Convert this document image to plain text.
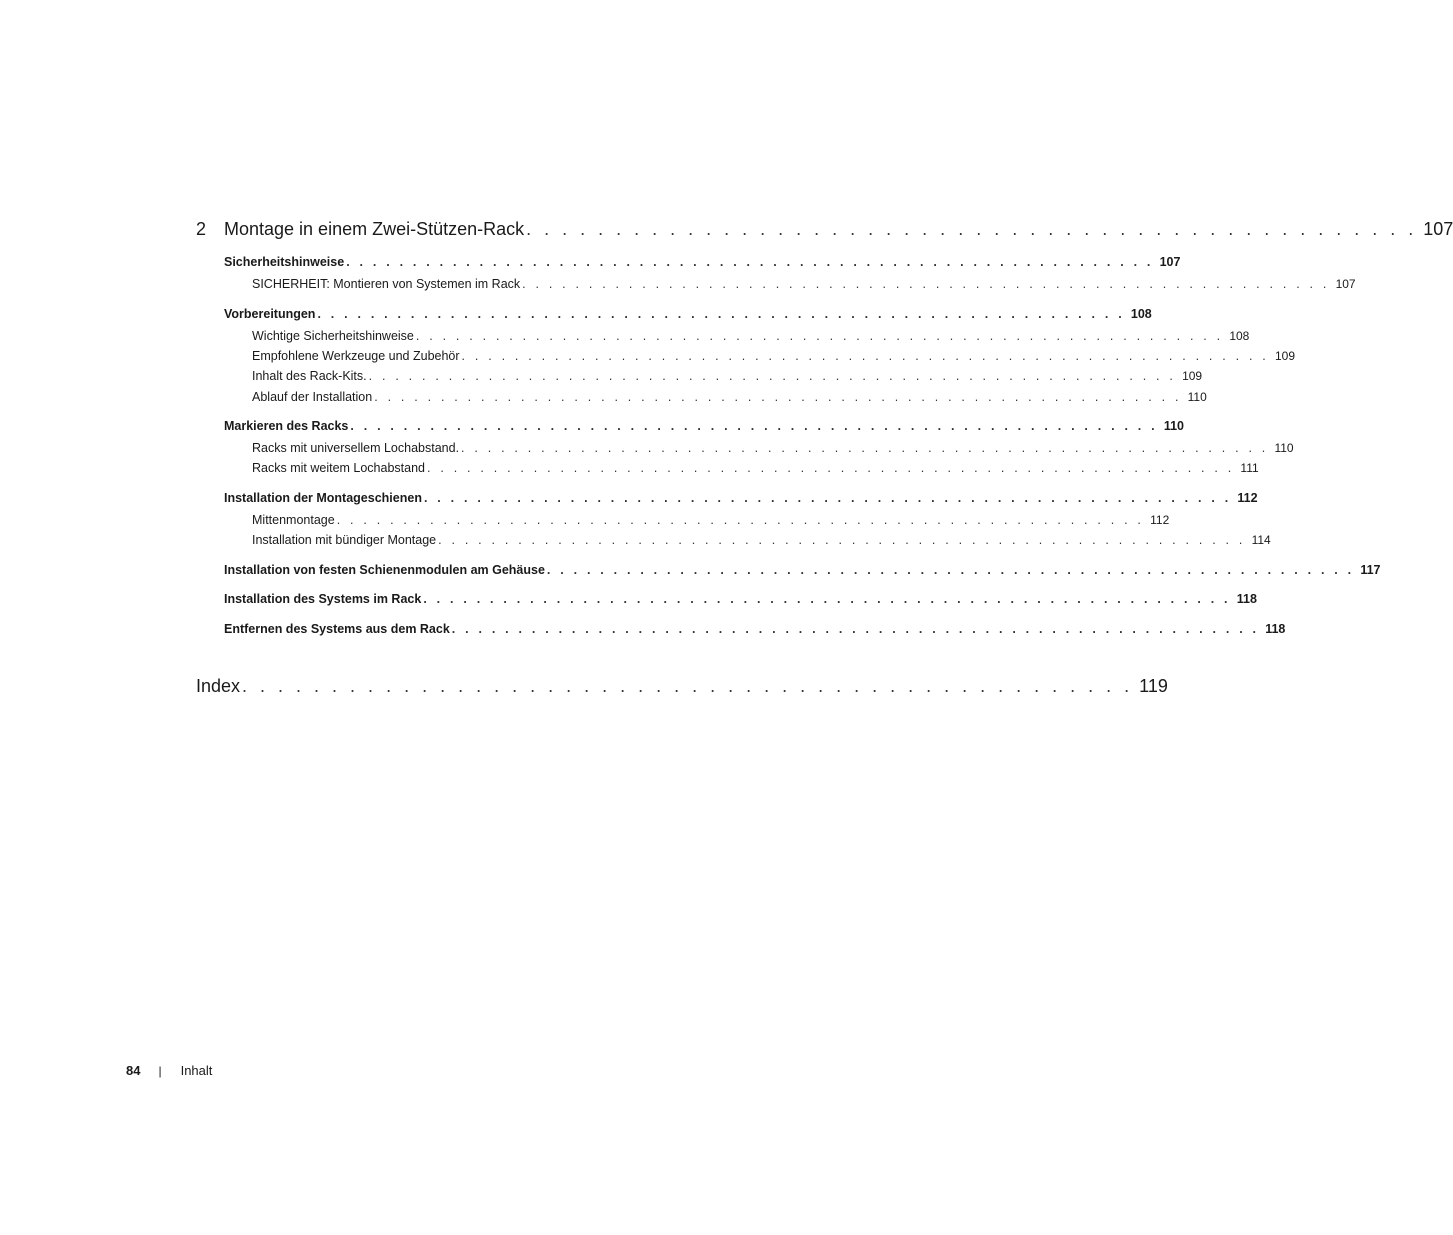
2 Montage in einem Zwei-Stützen-Rack . . . . . . . . . . . . . . . . . . . . . . . . . . . . . . . . . . . . . . . . . . . . . . . . . . 107
Sicherheitshinweise . . . . . . . . . . . . . . . . . . . . . . . . . . . . . . . . . . . . . . . . . . . . . . . . . . . . . . . . . . . . . 107
SICHERHEIT: Montieren von Systemen im Rack . . . . . . . . . . . . . . . . . . . . . . . . . . . . . . . . . . . . . . . . . . . . . . . . . . . . . . . . . . . . . 107
Vorbereitungen . . . . . . . . . . . . . . . . . . . . . . . . . . . . . . . . . . . . . . . . . . . . . . . . . . . . . . . . . . . . . 108
Wichtige Sicherheitshinweise . . . . . . . . . . . . . . . . . . . . . . . . . . . . . . . . . . . . . . . . . . . . . . . . . . . . . . . . . . . . . 108
Empfohlene Werkzeuge und Zubehör . . . . . . . . . . . . . . . . . . . . . . . . . . . . . . . . . . . . . . . . . . . . . . . . . . . . . . . . . . . . . 109
Inhalt des Rack-Kits. . . . . . . . . . . . . . . . . . . . . . . . . . . . . . . . . . . . . . . . . . . . . . . . . . . . . . . . . . . . . . 109
Ablauf der Installation . . . . . . . . . . . . . . . . . . . . . . . . . . . . . . . . . . . . . . . . . . . . . . . . . . . . . . . . . . . . . 110
Markieren des Racks . . . . . . . . . . . . . . . . . . . . . . . . . . . . . . . . . . . . . . . . . . . . . . . . . . . . . . . . . . . . . 110
Racks mit universellem Lochabstand. . . . . . . . . . . . . . . . . . . . . . . . . . . . . . . . . . . . . . . . . . . . . . . . . . . . . . . . . . . . . . 110
Racks mit weitem Lochabstand . . . . . . . . . . . . . . . . . . . . . . . . . . . . . . . . . . . . . . . . . . . . . . . . . . . . . . . . . . . . . 111
Installation der Montageschienen . . . . . . . . . . . . . . . . . . . . . . . . . . . . . . . . . . . . . . . . . . . . . . . . . . . . . . . . . . . . . 112
Mittenmontage . . . . . . . . . . . . . . . . . . . . . . . . . . . . . . . . . . . . . . . . . . . . . . . . . . . . . . . . . . . . . 112
Installation mit bündiger Montage . . . . . . . . . . . . . . . . . . . . . . . . . . . . . . . . . . . . . . . . . . . . . . . . . . . . . . . . . . . . . 114
Installation von festen Schienenmodulen am Gehäuse . . . . . . . . . . . . . . . . . . . . . . . . . . . . . . . . . . . . . . . . . . . . . . . . . . . . . . . . . . . . . 117
Installation des Systems im Rack . . . . . . . . . . . . . . . . . . . . . . . . . . . . . . . . . . . . . . . . . . . . . . . . . . . . . . . . . . . . . 118
Entfernen des Systems aus dem Rack . . . . . . . . . . . . . . . . . . . . . . . . . . . . . . . . . . . . . . . . . . . . . . . . . . . . . . . . . . . . . 118
Index . . . . . . . . . . . . . . . . . . . . . . . . . . . . . . . . . . . . . . . . . . . . . . . . . . 119
84 | Inhalt
